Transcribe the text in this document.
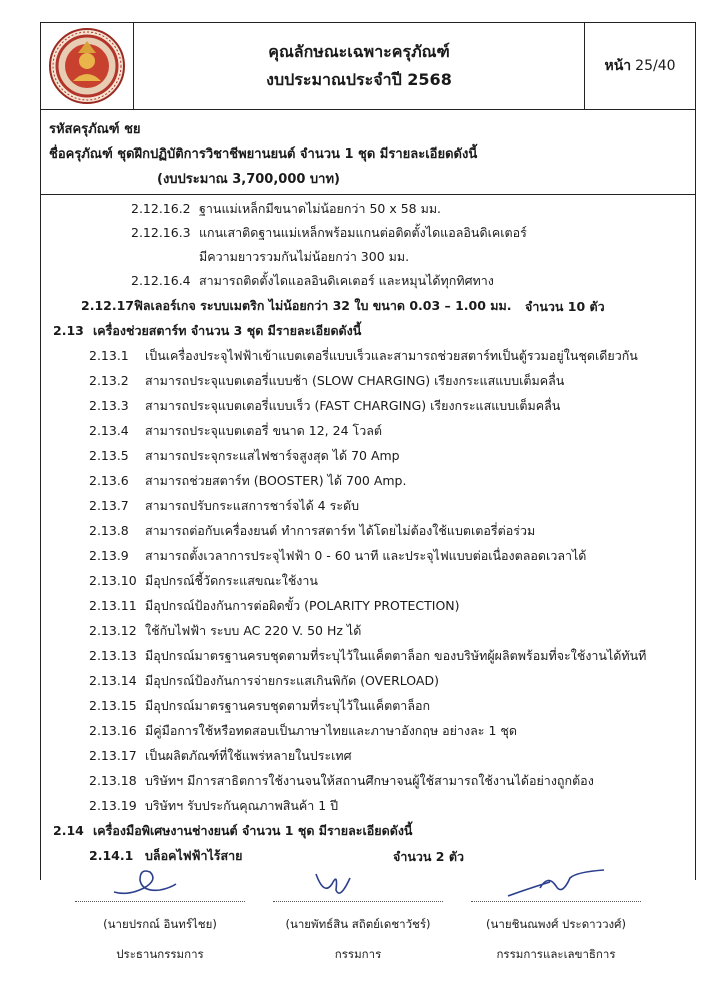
คุณลักษณะเฉพาะครุภัณฑ์
งบประมาณประจำปี 2568
หน้า 25/40
รหัสครุภัณฑ์ ชย
ชื่อครุภัณฑ์ ชุดฝึกปฏิบัติการวิชาชีพยานยนต์ จำนวน 1 ชุด มีรายละเอียดดังนี้
(งบประมาณ 3,700,000 บาท)
2.12.16.2 ฐานแม่เหล็กมีขนาดไม่น้อยกว่า 50 x 58 มม.
2.12.16.3 แกนเสาติดฐานแม่เหล็กพร้อมแกนต่อติดตั้งไดแอลอินดิเคเตอร์
มีความยาวรวมกันไม่น้อยกว่า 300 มม.
2.12.16.4 สามารถติดตั้งไดแอลอินดิเคเตอร์ และหมุนได้ทุกทิศทาง
2.12.17ฟิลเลอร์เกจ ระบบเมตริก ไม่น้อยกว่า 32 ใบ ขนาด 0.03 – 1.00 มม. จำนวน 10 ตัว
2.13 เครื่องช่วยสตาร์ท จำนวน 3 ชุด มีรายละเอียดดังนี้
2.13.1 เป็นเครื่องประจุไฟฟ้าเข้าแบตเตอรี่แบบเร็วและสามารถช่วยสตาร์ทเป็นตู้รวมอยู่ในชุดเดียวกัน
2.13.2 สามารถประจุแบตเตอรี่แบบช้า (SLOW CHARGING) เรียงกระแสแบบเต็มคลื่น
2.13.3 สามารถประจุแบตเตอรี่แบบเร็ว (FAST CHARGING) เรียงกระแสแบบเต็มคลื่น
2.13.4 สามารถประจุแบตเตอรี่ ขนาด 12, 24 โวลต์
2.13.5 สามารถประจุกระแสไฟชาร์จสูงสุด ได้ 70 Amp
2.13.6 สามารถช่วยสตาร์ท (BOOSTER) ได้ 700 Amp.
2.13.7 สามารถปรับกระแสการชาร์จได้ 4 ระดับ
2.13.8 สามารถต่อกับเครื่องยนต์ ทำการสตาร์ท ได้โดยไม่ต้องใช้แบตเตอรี่ต่อร่วม
2.13.9 สามารถตั้งเวลาการประจุไฟฟ้า 0 - 60 นาที และประจุไฟแบบต่อเนื่องตลอดเวลาได้
2.13.10 มีอุปกรณ์ชี้วัดกระแสขณะใช้งาน
2.13.11 มีอุปกรณ์ป้องกันการต่อผิดขั้ว (POLARITY PROTECTION)
2.13.12 ใช้กับไฟฟ้า ระบบ AC 220 V. 50 Hz ได้
2.13.13 มีอุปกรณ์มาตรฐานครบชุดตามที่ระบุไว้ในแค็ตตาล็อก ของบริษัทผู้ผลิตพร้อมที่จะใช้งานได้ทันที
2.13.14 มีอุปกรณ์ป้องกันการจ่ายกระแสเกินพิกัด (OVERLOAD)
2.13.15 มีอุปกรณ์มาตรฐานครบชุดตามที่ระบุไว้ในแค็ตตาล็อก
2.13.16 มีคู่มือการใช้หรือทดสอบเป็นภาษาไทยและภาษาอังกฤษ อย่างละ 1 ชุด
2.13.17 เป็นผลิตภัณฑ์ที่ใช้แพร่หลายในประเทศ
2.13.18 บริษัทฯ มีการสาธิตการใช้งานจนให้สถานศึกษาจนผู้ใช้สามารถใช้งานได้อย่างถูกต้อง
2.13.19 บริษัทฯ รับประกันคุณภาพสินค้า 1 ปี
2.14 เครื่องมือพิเศษงานช่างยนต์ จำนวน 1 ชุด มีรายละเอียดดังนี้
2.14.1 บล็อคไฟฟ้าไร้สาย	จำนวน 2 ตัว
(นายปรกณ์ อินทร์ไชย)
ประธานกรรมการ
(นายพัทธ์สิน สถิตย์เดชาวัชร์)
กรรมการ
(นายชินณพงศ์ ประดาววงศ์)
กรรมการและเลขาธิการ
